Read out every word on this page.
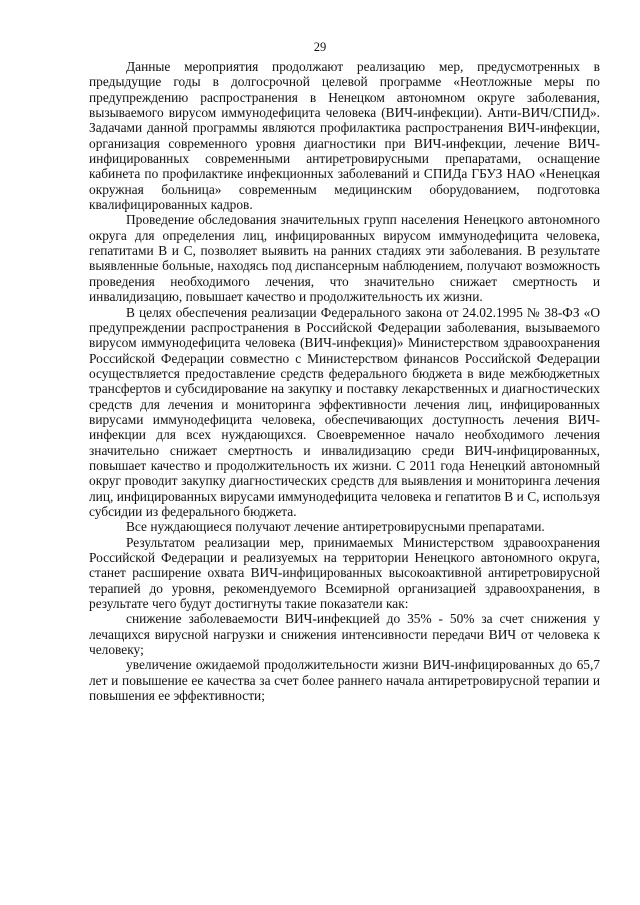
29

Данные мероприятия продолжают реализацию мер, предусмотренных в предыдущие годы в долгосрочной целевой программе «Неотложные меры по предупреждению распространения в Ненецком автономном округе заболевания, вызываемого вирусом иммунодефицита человека (ВИЧ-инфекции). Анти-ВИЧ/СПИД». Задачами данной программы являются профилактика распространения ВИЧ-инфекции, организация современного уровня диагностики при ВИЧ-инфекции, лечение ВИЧ-инфицированных современными антиретровирусными препаратами, оснащение кабинета по профилактике инфекционных заболеваний и СПИДа ГБУЗ НАО «Ненецкая окружная больница» современным медицинским оборудованием, подготовка квалифицированных кадров.

Проведение обследования значительных групп населения Ненецкого автономного округа для определения лиц, инфицированных вирусом иммунодефицита человека, гепатитами В и С, позволяет выявить на ранних стадиях эти заболевания. В результате выявленные больные, находясь под диспансерным наблюдением, получают возможность проведения необходимого лечения, что значительно снижает смертность и инвалидизацию, повышает качество и продолжительность их жизни.

В целях обеспечения реализации Федерального закона от 24.02.1995 № 38-ФЗ «О предупреждении распространения в Российской Федерации заболевания, вызываемого вирусом иммунодефицита человека (ВИЧ-инфекция)» Министерством здравоохранения Российской Федерации совместно с Министерством финансов Российской Федерации осуществляется предоставление средств федерального бюджета в виде межбюджетных трансфертов и субсидирование на закупку и поставку лекарственных и диагностических средств для лечения и мониторинга эффективности лечения лиц, инфицированных вирусами иммунодефицита человека, обеспечивающих доступность лечения ВИЧ-инфекции для всех нуждающихся. Своевременное начало необходимого лечения значительно снижает смертность и инвалидизацию среди ВИЧ-инфицированных, повышает качество и продолжительность их жизни. С 2011 года Ненецкий автономный округ проводит закупку диагностических средств для выявления и мониторинга лечения лиц, инфицированных вирусами иммунодефицита человека и гепатитов В и С, используя субсидии из федерального бюджета.

Все нуждающиеся получают лечение антиретровирусными препаратами.

Результатом реализации мер, принимаемых Министерством здравоохранения Российской Федерации и реализуемых на территории Ненецкого автономного округа, станет расширение охвата ВИЧ-инфицированных высокоактивной антиретровирусной терапией до уровня, рекомендуемого Всемирной организацией здравоохранения, в результате чего будут достигнуты такие показатели как:

снижение заболеваемости ВИЧ-инфекцией до 35% - 50% за счет снижения у лечащихся вирусной нагрузки и снижения интенсивности передачи ВИЧ от человека к человеку;

увеличение ожидаемой продолжительности жизни ВИЧ-инфицированных до 65,7 лет и повышение ее качества за счет более раннего начала антиретровирусной терапии и повышения ее эффективности;
